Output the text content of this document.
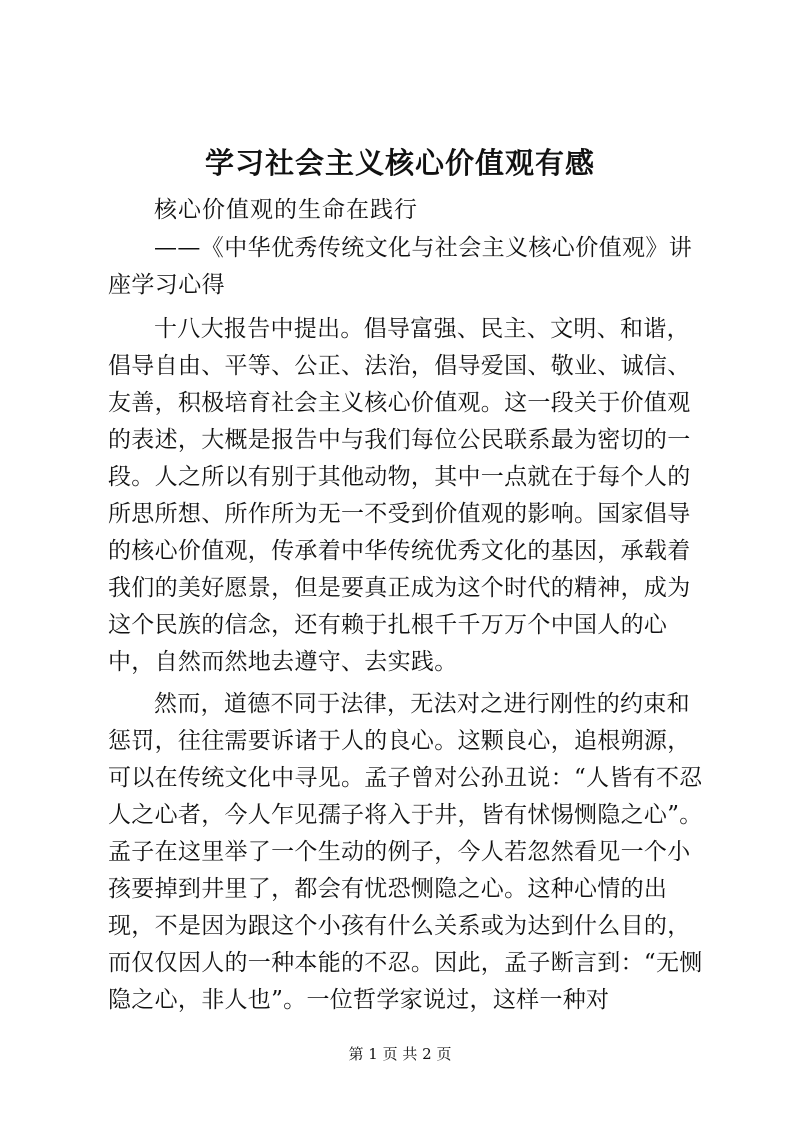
学习社会主义核心价值观有感

核心价值观的生命在践行

——《中华优秀传统文化与社会主义核心价值观》讲座学习心得

十八大报告中提出。倡导富强、民主、文明、和谐，倡导自由、平等、公正、法治，倡导爱国、敬业、诚信、友善，积极培育社会主义核心价值观。这一段关于价值观的表述，大概是报告中与我们每位公民联系最为密切的一段。人之所以有别于其他动物，其中一点就在于每个人的所思所想、所作所为无一不受到价值观的影响。国家倡导的核心价值观，传承着中华传统优秀文化的基因，承载着我们的美好愿景，但是要真正成为这个时代的精神，成为这个民族的信念，还有赖于扎根千千万万个中国人的心中，自然而然地去遵守、去实践。

然而，道德不同于法律，无法对之进行刚性的约束和惩罚，往往需要诉诸于人的良心。这颗良心，追根朔源，可以在传统文化中寻见。孟子曾对公孙丑说：“人皆有不忍人之心者，今人乍见孺子将入于井，皆有怵惕恻隐之心”。孟子在这里举了一个生动的例子，今人若忽然看见一个小孩要掉到井里了，都会有忧恐恻隐之心。这种心情的出现，不是因为跟这个小孩有什么关系或为达到什么目的，而仅仅因人的一种本能的不忍。因此，孟子断言到：“无恻隐之心，非人也”。一位哲学家说过，这样一种对

第 1 页 共 2 页
